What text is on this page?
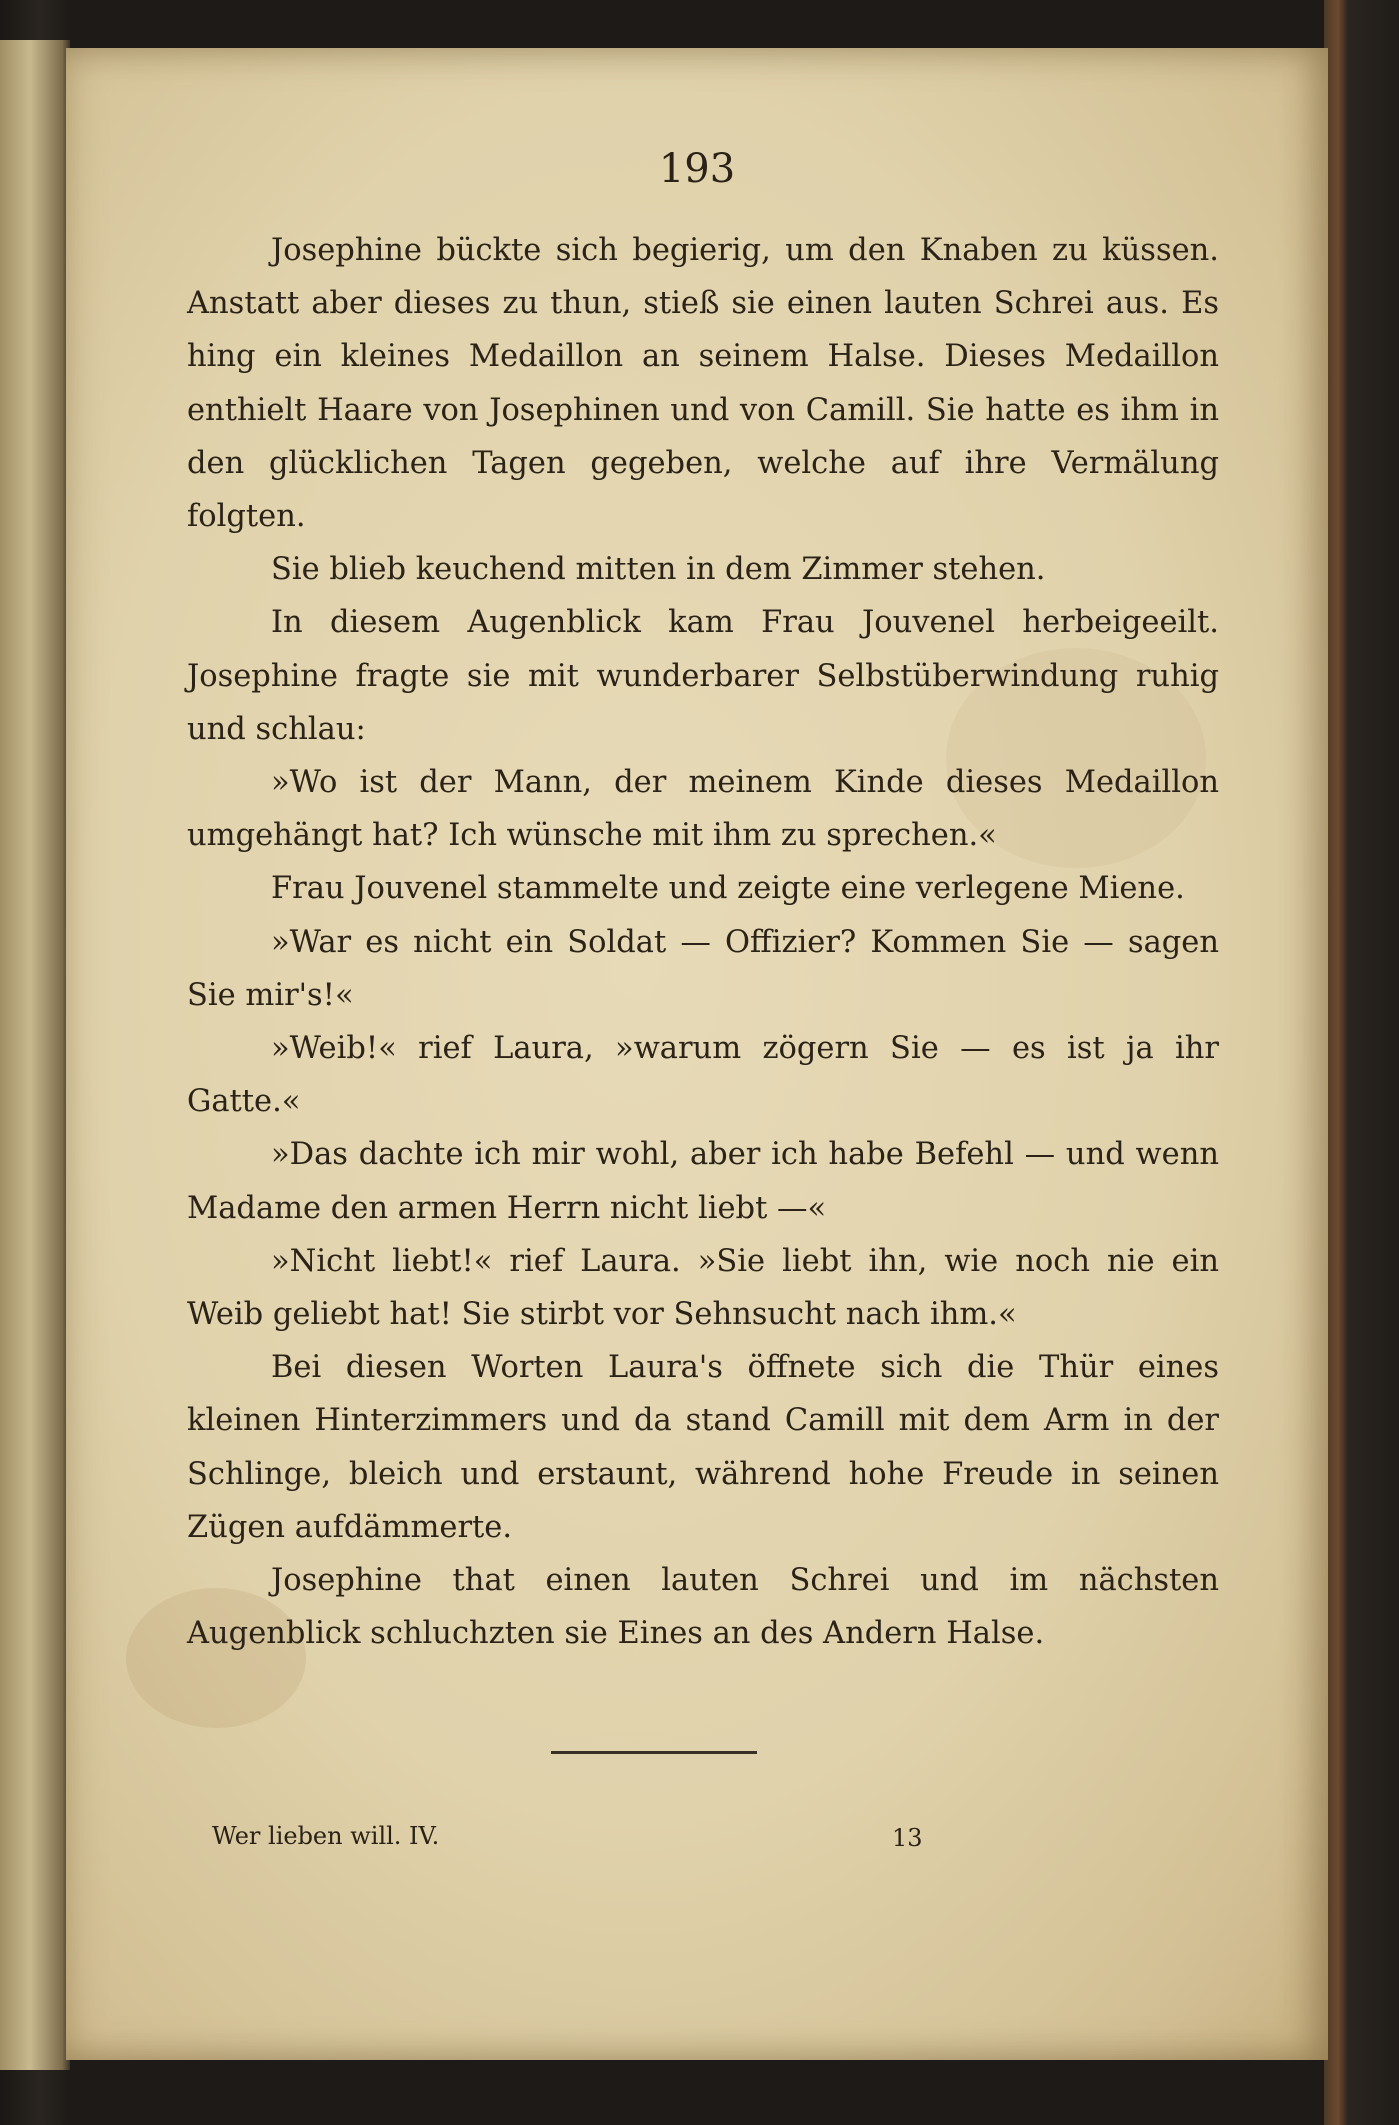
193

Josephine bückte sich begierig, um den Knaben zu küssen. Anstatt aber dieses zu thun, stieß sie einen lauten Schrei aus. Es hing ein kleines Medaillon an seinem Halse. Dieses Medaillon enthielt Haare von Josephinen und von Camill. Sie hatte es ihm in den glücklichen Tagen gegeben, welche auf ihre Vermälung folgten.

Sie blieb keuchend mitten in dem Zimmer stehen.

In diesem Augenblick kam Frau Jouvenel herbeigeeilt. Josephine fragte sie mit wunderbarer Selbstüberwindung ruhig und schlau:

»Wo ist der Mann, der meinem Kinde dieses Medaillon umgehängt hat? Ich wünsche mit ihm zu sprechen.«

Frau Jouvenel stammelte und zeigte eine verlegene Miene.

»War es nicht ein Soldat — Offizier? Kommen Sie — sagen Sie mir's!«

»Weib!« rief Laura, »warum zögern Sie — es ist ja ihr Gatte.«

»Das dachte ich mir wohl, aber ich habe Befehl — und wenn Madame den armen Herrn nicht liebt —«

»Nicht liebt!« rief Laura. »Sie liebt ihn, wie noch nie ein Weib geliebt hat! Sie stirbt vor Sehnsucht nach ihm.«

Bei diesen Worten Laura's öffnete sich die Thür eines kleinen Hinterzimmers und da stand Camill mit dem Arm in der Schlinge, bleich und erstaunt, während hohe Freude in seinen Zügen aufdämmerte.

Josephine that einen lauten Schrei und im nächsten Augenblick schluchzten sie Eines an des Andern Halse.

Wer lieben will. IV.	13
